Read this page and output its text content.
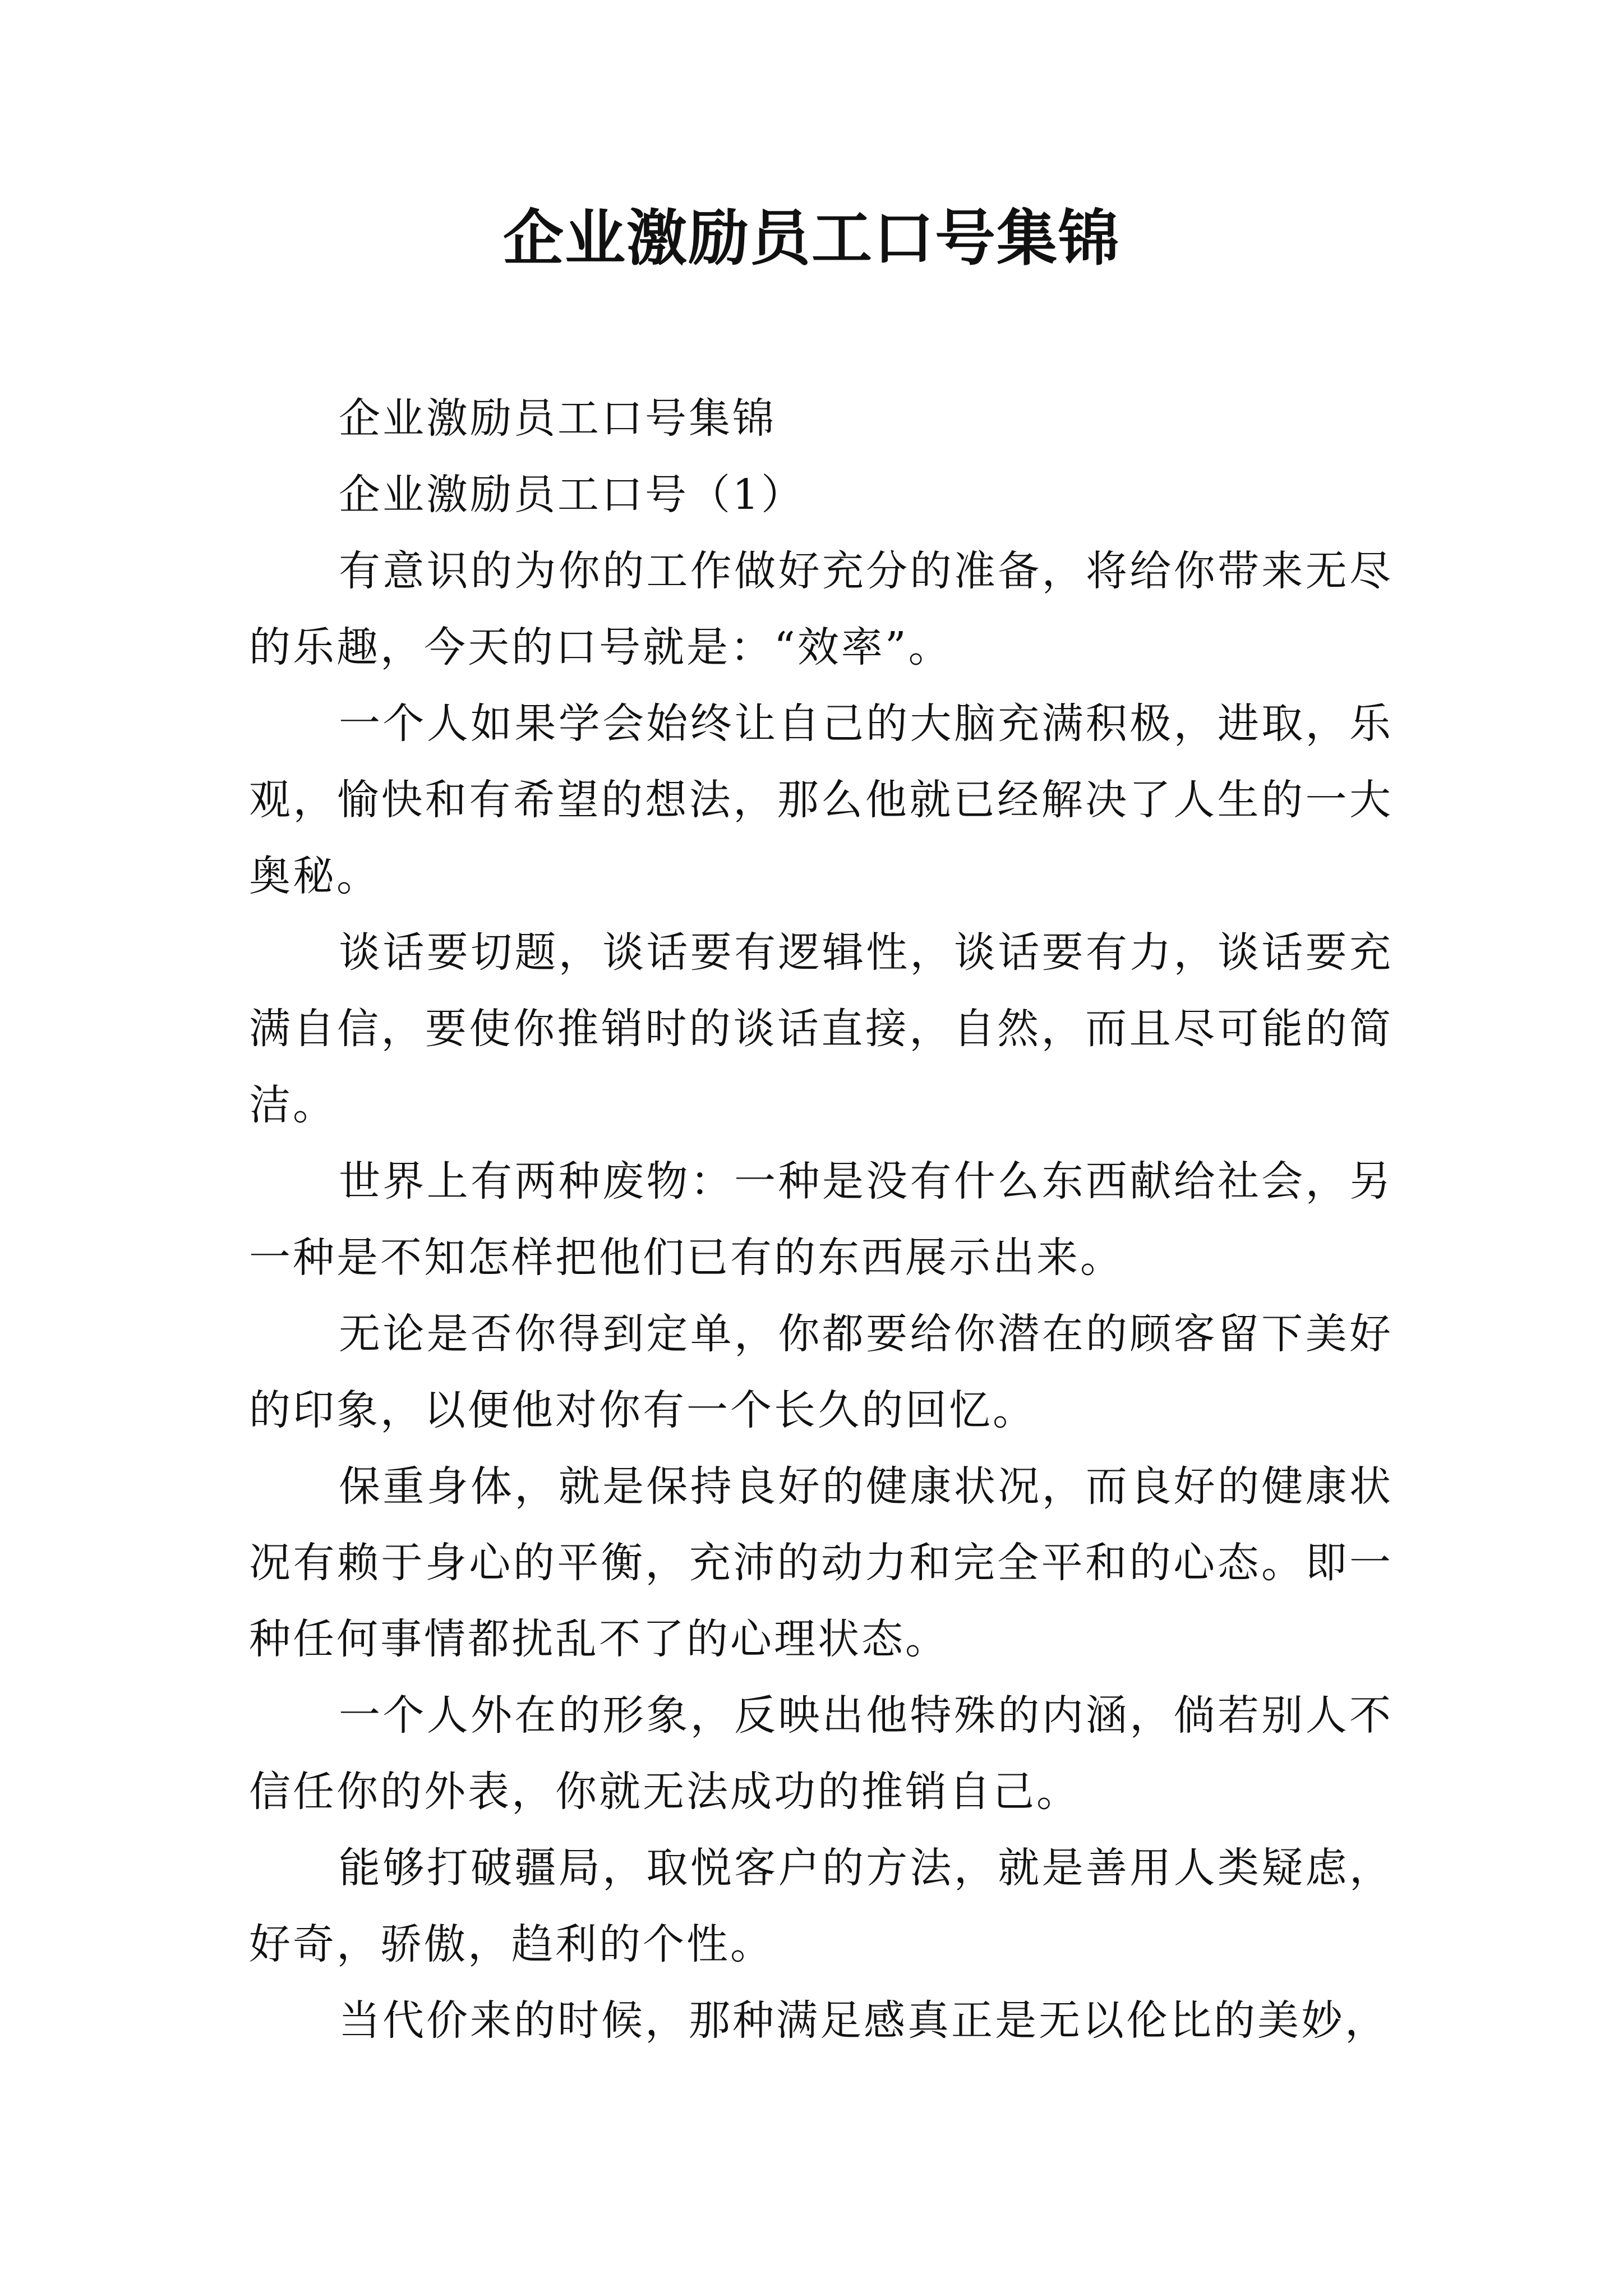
企业激励员工口号集锦

企业激励员工口号集锦

企业激励员工口号（1）

有意识的为你的工作做好充分的准备，将给你带来无尽的乐趣，今天的口号就是：“效率”。

一个人如果学会始终让自己的大脑充满积极，进取，乐观，愉快和有希望的想法，那么他就已经解决了人生的一大奥秘。

谈话要切题，谈话要有逻辑性，谈话要有力，谈话要充满自信，要使你推销时的谈话直接，自然，而且尽可能的简洁。

世界上有两种废物：一种是没有什么东西献给社会，另一种是不知怎样把他们已有的东西展示出来。

无论是否你得到定单，你都要给你潜在的顾客留下美好的印象，以便他对你有一个长久的回忆。

保重身体，就是保持良好的健康状况，而良好的健康状况有赖于身心的平衡，充沛的动力和完全平和的心态。即一种任何事情都扰乱不了的心理状态。

一个人外在的形象，反映出他特殊的内涵，倘若别人不信任你的外表，你就无法成功的推销自己。

能够打破疆局，取悦客户的方法，就是善用人类疑虑，好奇，骄傲，趋利的个性。

当代价来的时候，那种满足感真正是无以伦比的美妙，
